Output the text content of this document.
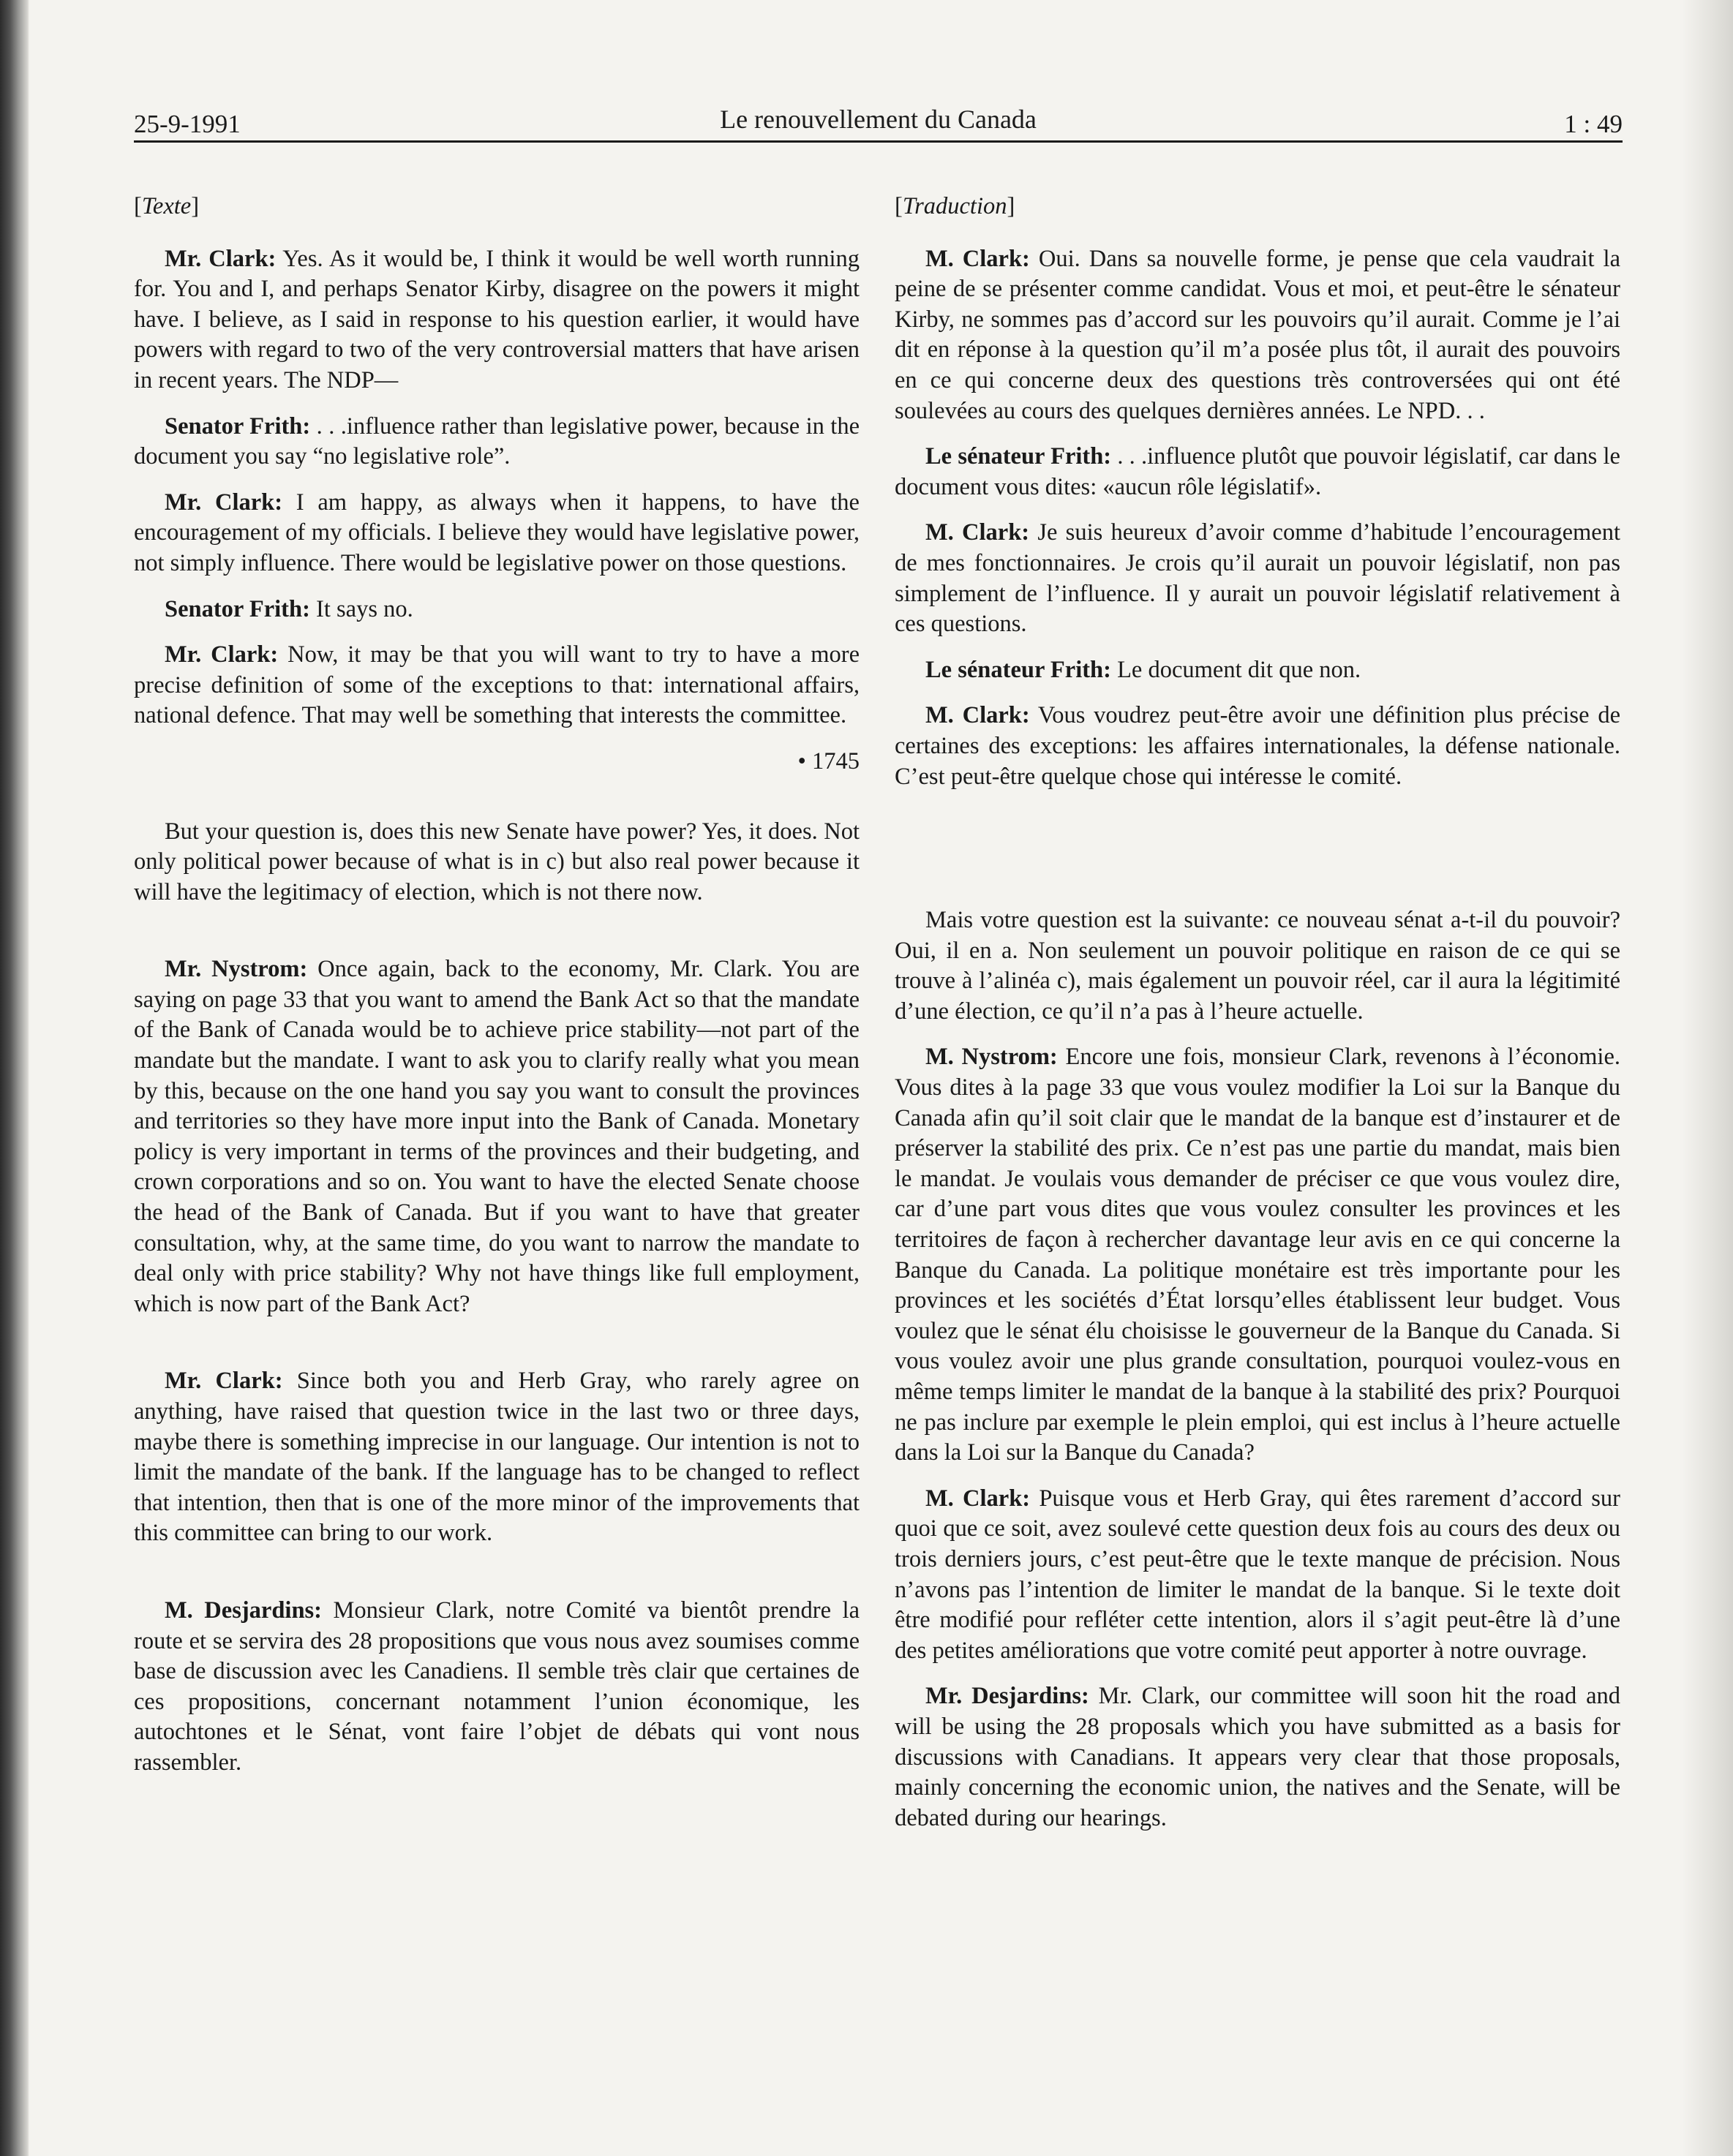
25-9-1991	Le renouvellement du Canada	1 : 49

[Texte]

Mr. Clark: Yes. As it would be, I think it would be well worth running for. You and I, and perhaps Senator Kirby, disagree on the powers it might have. I believe, as I said in response to his question earlier, it would have powers with regard to two of the very controversial matters that have arisen in recent years. The NDP—

Senator Frith: . . .influence rather than legislative power, because in the document you say “no legislative role”.

Mr. Clark: I am happy, as always when it happens, to have the encouragement of my officials. I believe they would have legislative power, not simply influence. There would be legislative power on those questions.

Senator Frith: It says no.

Mr. Clark: Now, it may be that you will want to try to have a more precise definition of some of the exceptions to that: international affairs, national defence. That may well be something that interests the committee.

• 1745

But your question is, does this new Senate have power? Yes, it does. Not only political power because of what is in c) but also real power because it will have the legitimacy of election, which is not there now.

Mr. Nystrom: Once again, back to the economy, Mr. Clark. You are saying on page 33 that you want to amend the Bank Act so that the mandate of the Bank of Canada would be to achieve price stability—not part of the mandate but the mandate. I want to ask you to clarify really what you mean by this, because on the one hand you say you want to consult the provinces and territories so they have more input into the Bank of Canada. Monetary policy is very important in terms of the provinces and their budgeting, and crown corporations and so on. You want to have the elected Senate choose the head of the Bank of Canada. But if you want to have that greater consultation, why, at the same time, do you want to narrow the mandate to deal only with price stability? Why not have things like full employment, which is now part of the Bank Act?

Mr. Clark: Since both you and Herb Gray, who rarely agree on anything, have raised that question twice in the last two or three days, maybe there is something imprecise in our language. Our intention is not to limit the mandate of the bank. If the language has to be changed to reflect that intention, then that is one of the more minor of the improvements that this committee can bring to our work.

M. Desjardins: Monsieur Clark, notre Comité va bientôt prendre la route et se servira des 28 propositions que vous nous avez soumises comme base de discussion avec les Canadiens. Il semble très clair que certaines de ces propositions, concernant notamment l’union économique, les autochtones et le Sénat, vont faire l’objet de débats qui vont nous rassembler.

[Traduction]

M. Clark: Oui. Dans sa nouvelle forme, je pense que cela vaudrait la peine de se présenter comme candidat. Vous et moi, et peut-être le sénateur Kirby, ne sommes pas d’accord sur les pouvoirs qu’il aurait. Comme je l’ai dit en réponse à la question qu’il m’a posée plus tôt, il aurait des pouvoirs en ce qui concerne deux des questions très controversées qui ont été soulevées au cours des quelques dernières années. Le NPD. . .

Le sénateur Frith: . . .influence plutôt que pouvoir législatif, car dans le document vous dites: «aucun rôle législatif».

M. Clark: Je suis heureux d’avoir comme d’habitude l’encouragement de mes fonctionnaires. Je crois qu’il aurait un pouvoir législatif, non pas simplement de l’influence. Il y aurait un pouvoir législatif relativement à ces questions.

Le sénateur Frith: Le document dit que non.

M. Clark: Vous voudrez peut-être avoir une définition plus précise de certaines des exceptions: les affaires internationales, la défense nationale. C’est peut-être quelque chose qui intéresse le comité.

Mais votre question est la suivante: ce nouveau sénat a-t-il du pouvoir? Oui, il en a. Non seulement un pouvoir politique en raison de ce qui se trouve à l’alinéa c), mais également un pouvoir réel, car il aura la légitimité d’une élection, ce qu’il n’a pas à l’heure actuelle.

M. Nystrom: Encore une fois, monsieur Clark, revenons à l’économie. Vous dites à la page 33 que vous voulez modifier la Loi sur la Banque du Canada afin qu’il soit clair que le mandat de la banque est d’instaurer et de préserver la stabilité des prix. Ce n’est pas une partie du mandat, mais bien le mandat. Je voulais vous demander de préciser ce que vous voulez dire, car d’une part vous dites que vous voulez consulter les provinces et les territoires de façon à rechercher davantage leur avis en ce qui concerne la Banque du Canada. La politique monétaire est très importante pour les provinces et les sociétés d’État lorsqu’elles établissent leur budget. Vous voulez que le sénat élu choisisse le gouverneur de la Banque du Canada. Si vous voulez avoir une plus grande consultation, pourquoi voulez-vous en même temps limiter le mandat de la banque à la stabilité des prix? Pourquoi ne pas inclure par exemple le plein emploi, qui est inclus à l’heure actuelle dans la Loi sur la Banque du Canada?

M. Clark: Puisque vous et Herb Gray, qui êtes rarement d’accord sur quoi que ce soit, avez soulevé cette question deux fois au cours des deux ou trois derniers jours, c’est peut-être que le texte manque de précision. Nous n’avons pas l’intention de limiter le mandat de la banque. Si le texte doit être modifié pour refléter cette intention, alors il s’agit peut-être là d’une des petites améliorations que votre comité peut apporter à notre ouvrage.

Mr. Desjardins: Mr. Clark, our committee will soon hit the road and will be using the 28 proposals which you have submitted as a basis for discussions with Canadians. It appears very clear that those proposals, mainly concerning the economic union, the natives and the Senate, will be debated during our hearings.
